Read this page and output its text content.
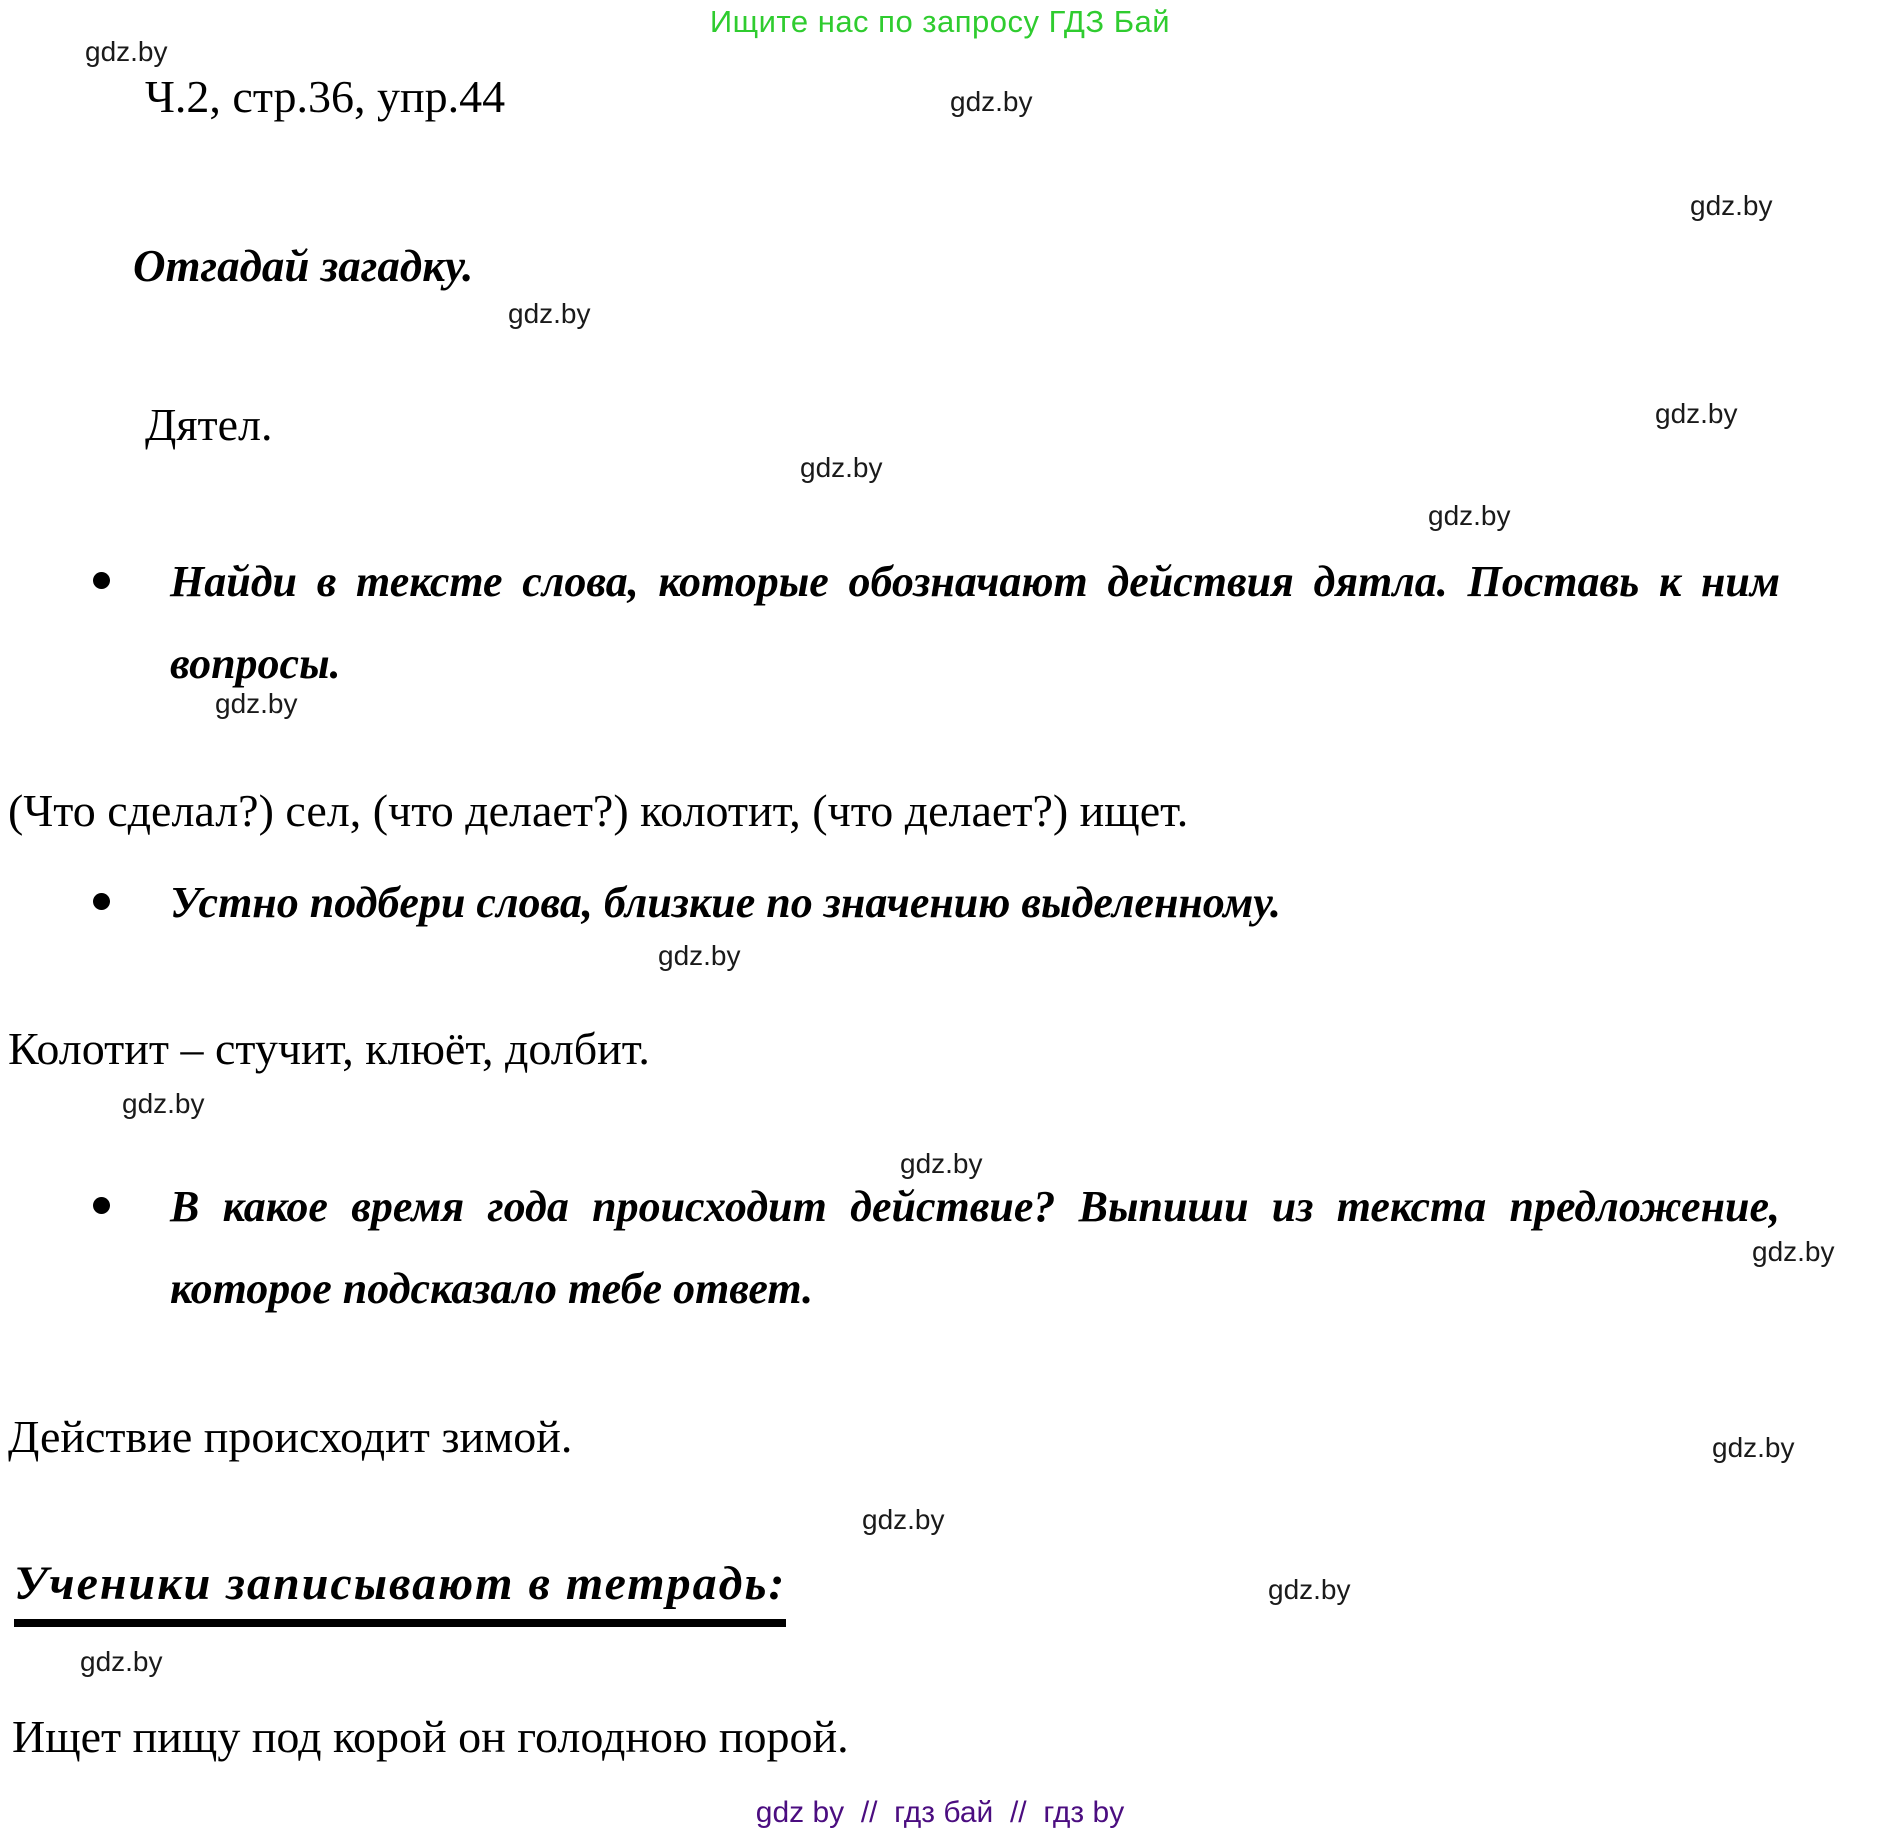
Ищите нас по запросу ГДЗ Бай
Ч.2, стр.36, упр.44
Отгадай загадку.
Дятел.
Найди в тексте слова, которые обозначают действия дятла. Поставь к ним вопросы.
(Что сделал?) сел, (что делает?) колотит, (что делает?) ищет.
Устно подбери слова, близкие по значению выделенному.
Колотит – стучит, клюёт, долбит.
В какое время года происходит действие? Выпиши из текста предложение, которое подсказало тебе ответ.
Действие происходит зимой.
Ученики записывают в тетрадь:
Ищет пищу под корой он голодною порой.
gdz by  //  гдз бай  //  гдз by
gdz.by
gdz.by
gdz.by
gdz.by
gdz.by
gdz.by
gdz.by
gdz.by
gdz.by
gdz.by
gdz.by
gdz.by
gdz.by
gdz.by
gdz.by
gdz.by
